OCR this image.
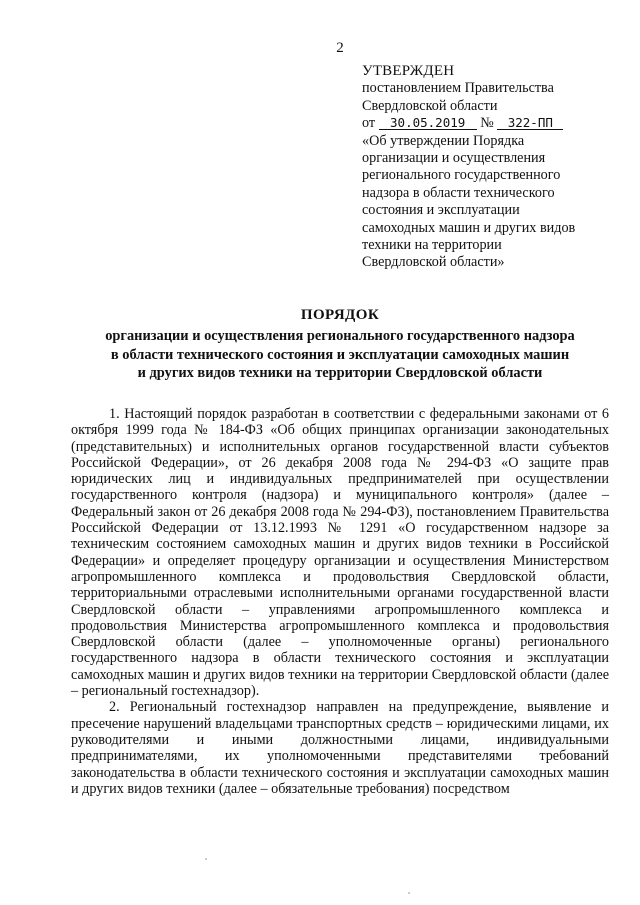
2
УТВЕРЖДЕН
постановлением Правительства
Свердловской области
от 30.05.2019 № 322-ПП
«Об утверждении Порядка
организации и осуществления
регионального государственного
надзора в области технического
состояния и эксплуатации
самоходных машин и других видов
техники на территории
Свердловской области»
ПОРЯДОК
организации и осуществления регионального государственного надзора
в области технического состояния и эксплуатации самоходных машин
и других видов техники на территории Свердловской области

1. Настоящий порядок разработан в соответствии с федеральными законами от 6 октября 1999 года № 184-ФЗ «Об общих принципах организации законодательных (представительных) и исполнительных органов государственной власти субъектов Российской Федерации», от 26 декабря 2008 года № 294-ФЗ «О защите прав юридических лиц и индивидуальных предпринимателей при осуществлении государственного контроля (надзора) и муниципального контроля» (далее – Федеральный закон от 26 декабря 2008 года № 294-ФЗ), постановлением Правительства Российской Федерации от 13.12.1993 № 1291 «О государственном надзоре за техническим состоянием самоходных машин и других видов техники в Российской Федерации» и определяет процедуру организации и осуществления Министерством агропромышленного комплекса и продовольствия Свердловской области, территориальными отраслевыми исполнительными органами государственной власти Свердловской области – управлениями агропромышленного комплекса и продовольствия Министерства агропромышленного комплекса и продовольствия Свердловской области (далее – уполномоченные органы) регионального государственного надзора в области технического состояния и эксплуатации самоходных машин и других видов техники на территории Свердловской области (далее – региональный гостехнадзор).

2. Региональный гостехнадзор направлен на предупреждение, выявление и пресечение нарушений владельцами транспортных средств – юридическими лицами, их руководителями и иными должностными лицами, индивидуальными предпринимателями, их уполномоченными представителями требований законодательства в области технического состояния и эксплуатации самоходных машин и других видов техники (далее – обязательные требования) посредством
